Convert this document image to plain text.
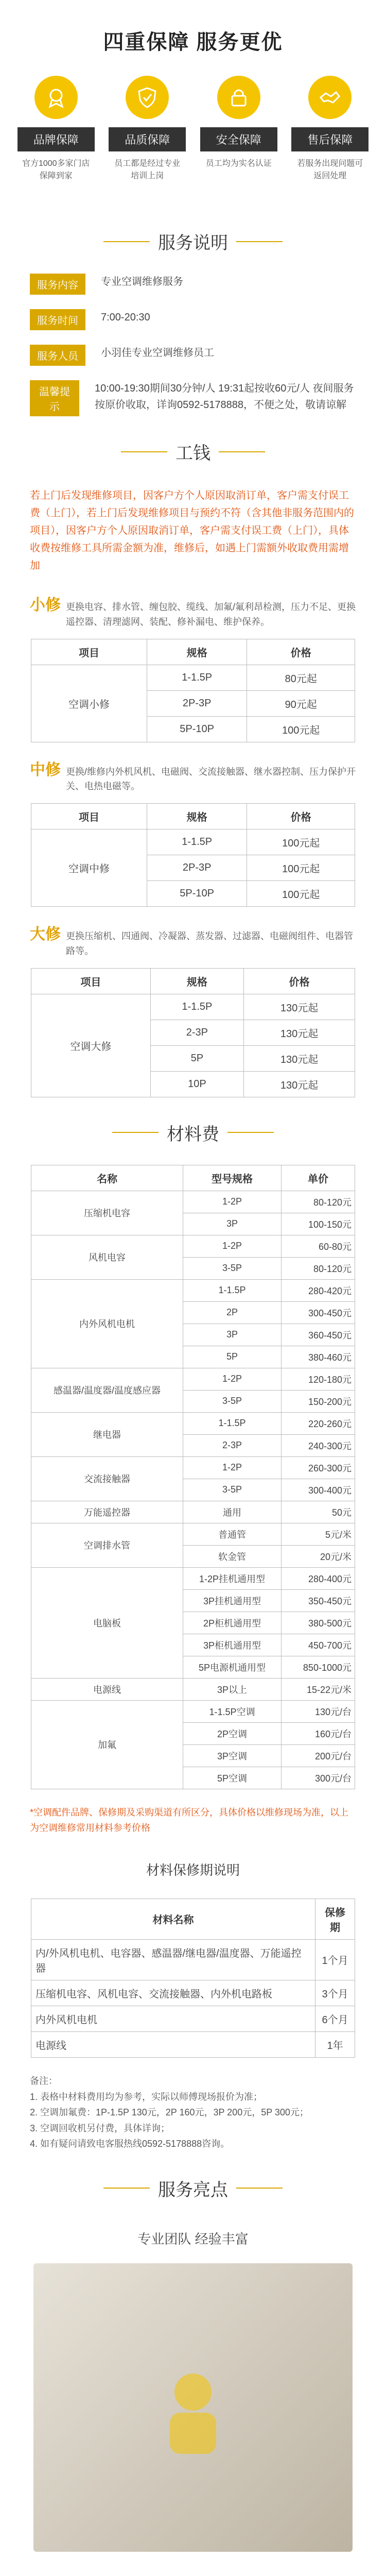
四重保障 服务更优
品牌保障
官方1000多家门店保障到家
品质保障
员工都是经过专业培训上岗
安全保障
员工均为实名认证
售后保障
若服务出现问题可返回处理
服务说明
服务内容	专业空调维修服务
服务时间	7:00-20:30
服务人员	小羽佳专业空调维修员工
温馨提示
10:00-19:30期间30分钟/人 19:31起按收60元/人 夜间服务按原价收取，详询0592-5178888，不便之处，敬请谅解
工钱
若上门后发现维修项目，因客户方个人原因取消订单，客户需支付误工费（上门），若上门后发现维修项目与预约不符（含其他非服务范围内的项目），因客户方个人原因取消订单，客户需支付误工费（上门），具体收费按维修工具所需金额为准，维修后，如遇上门需额外收取费用需增加
小修 更换电容、排水管、缠包胶、缆线、加氟/氟利昂检测，压力不足、更换遥控器、清理滤网、装配、修补漏电、维护保养。
项目	规格	价格
空调小修	1-1.5P	80元起
	2P-3P	90元起
	5P-10P	100元起
中修 更换/维修内外机风机、电磁阀、交流接触器、继水器控制、压力保护开关、电热电磁等。
项目	规格	价格
空调中修	1-1.5P	100元起
	2P-3P	100元起
	5P-10P	100元起
大修 更换压缩机、四通阀、冷凝器、蒸发器、过滤器、电磁阀组件、电器管路等。
项目	规格	价格
空调大修	1-1.5P	130元起
	2-3P	130元起
	5P	130元起
	10P	130元起
材料费
名称	型号规格	单价
压缩机电容	1-2P	80-120元
	3P	100-150元
风机电容	1-2P	60-80元
	3-5P	80-120元
内外风机电机	1-1.5P	280-420元
	2P	300-450元
	3P	360-450元
	5P	380-460元
感温器/温度器/温度感应器	1-2P	120-180元
	3-5P	150-200元
继电器	1-1.5P	220-260元
	2-3P	240-300元
交流接触器	1-2P	260-300元
	3-5P	300-400元
万能遥控器	通用	50元
空调排水管	普通管	5元/米
	软金管	20元/米
电脑板	1-2P挂机通用型	280-400元
	3P挂机通用型	350-450元
	2P柜机通用型	380-500元
	3P柜机通用型	450-700元
	5P电源机通用型	850-1000元
电源线	3P以上	15-22元/米
加氟	1-1.5P空调	130元/台
	2P空调	160元/台
	3P空调	200元/台
	5P空调	300元/台
*空调配件品牌、保修期及采购渠道有所区分，具体价格以维修现场为准，以上为空调维修常用材料参考价格
材料保修期说明
材料名称	保修期
内/外风机电机、电容器、感温器/继电器/温度器、万能遥控器	1个月
压缩机电容、风机电容、交流接触器、内外机电路板	3个月
内外风机电机	6个月
电源线	1年
备注：
1. 表格中材料费用均为参考，实际以师傅现场报价为准；
2. 空调加氟费：1P-1.5P 130元，2P 160元，3P 200元，5P 300元；
3. 空调回收机另付费，具体详询；
4. 如有疑问请致电客服热线0592-5178888咨询。
服务亮点
专业团队 经验丰富
